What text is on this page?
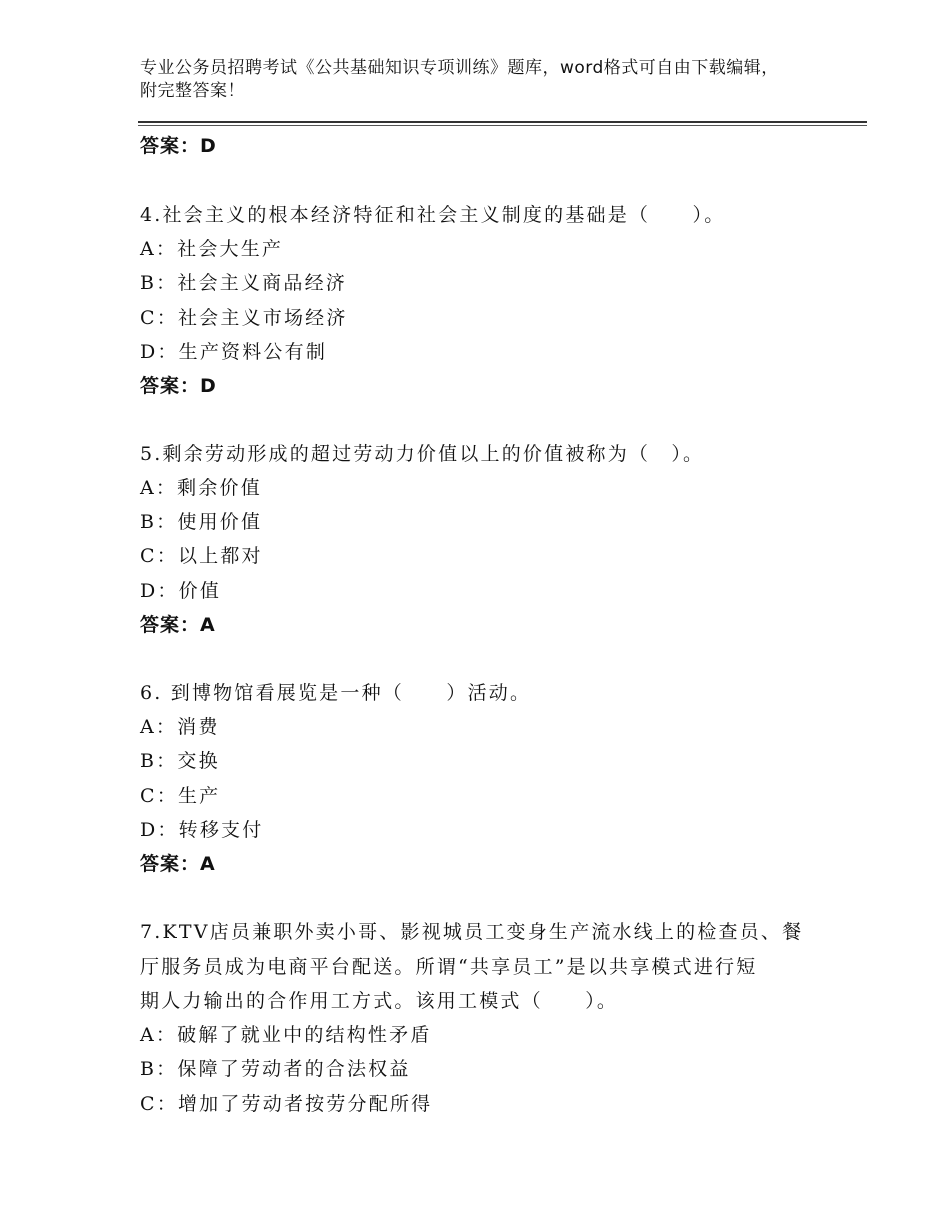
专业公务员招聘考试《公共基础知识专项训练》题库，word格式可自由下载编辑，附完整答案！
答案：D
4.社会主义的根本经济特征和社会主义制度的基础是（　　）。
A：社会大生产
B：社会主义商品经济
C：社会主义市场经济
D：生产资料公有制
答案：D
5.剩余劳动形成的超过劳动力价值以上的价值被称为（　）。
A：剩余价值
B：使用价值
C：以上都对
D：价值
答案：A
6. 到博物馆看展览是一种（　　）活动。
A：消费
B：交换
C：生产
D：转移支付
答案：A
7.KTV店员兼职外卖小哥、影视城员工变身生产流水线上的检查员、餐
厅服务员成为电商平台配送。所谓“共享员工”是以共享模式进行短
期人力输出的合作用工方式。该用工模式（　　）。
A：破解了就业中的结构性矛盾
B：保障了劳动者的合法权益
C：增加了劳动者按劳分配所得
